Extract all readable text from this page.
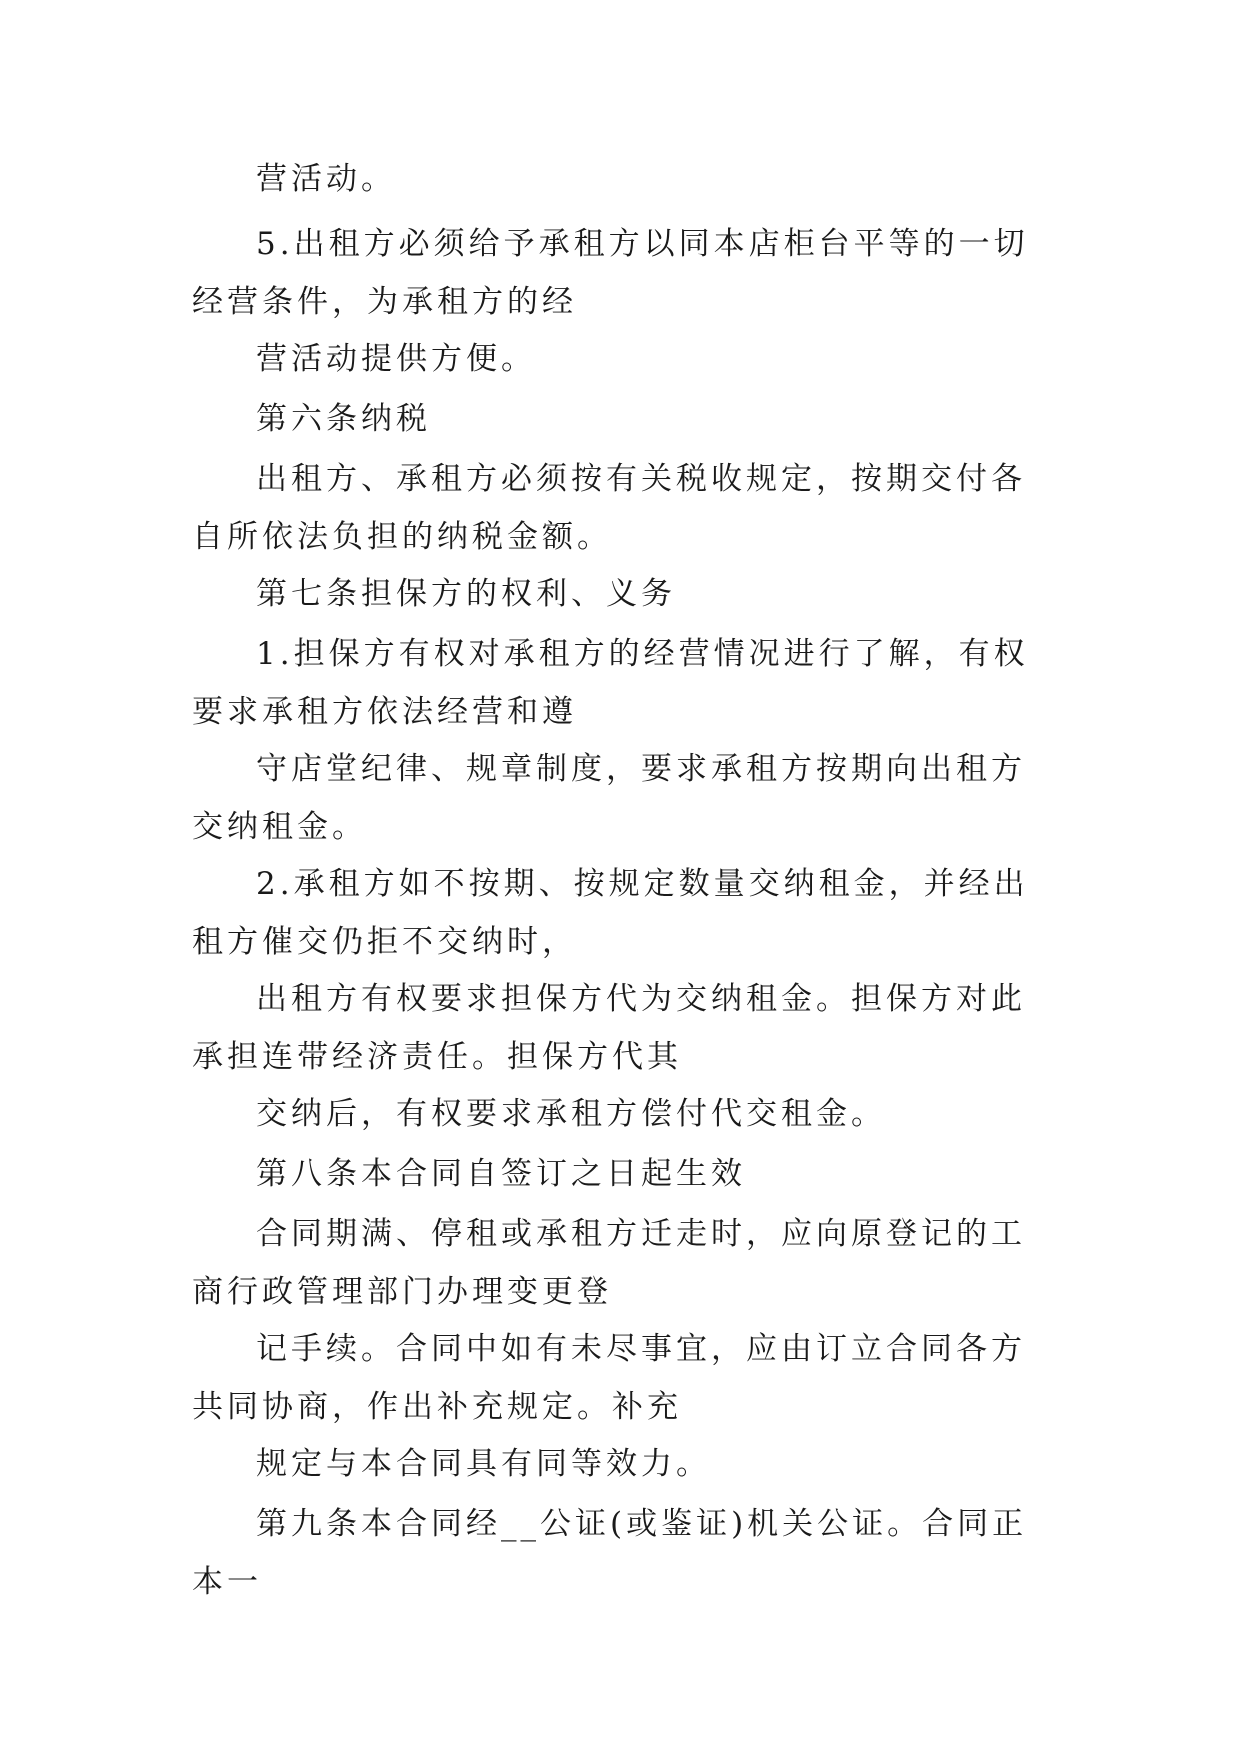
营活动。

5.出租方必须给予承租方以同本店柜台平等的一切经营条件，为承租方的经

营活动提供方便。

第六条纳税

出租方、承租方必须按有关税收规定，按期交付各自所依法负担的纳税金额。

第七条担保方的权利、义务

1.担保方有权对承租方的经营情况进行了解，有权要求承租方依法经营和遵

守店堂纪律、规章制度，要求承租方按期向出租方交纳租金。

2.承租方如不按期、按规定数量交纳租金，并经出租方催交仍拒不交纳时，

出租方有权要求担保方代为交纳租金。担保方对此承担连带经济责任。担保方代其

交纳后，有权要求承租方偿付代交租金。

第八条本合同自签订之日起生效

合同期满、停租或承租方迁走时，应向原登记的工商行政管理部门办理变更登

记手续。合同中如有未尽事宜，应由订立合同各方共同协商，作出补充规定。补充

规定与本合同具有同等效力。

第九条本合同经__公证(或鉴证)机关公证。合同正本一
